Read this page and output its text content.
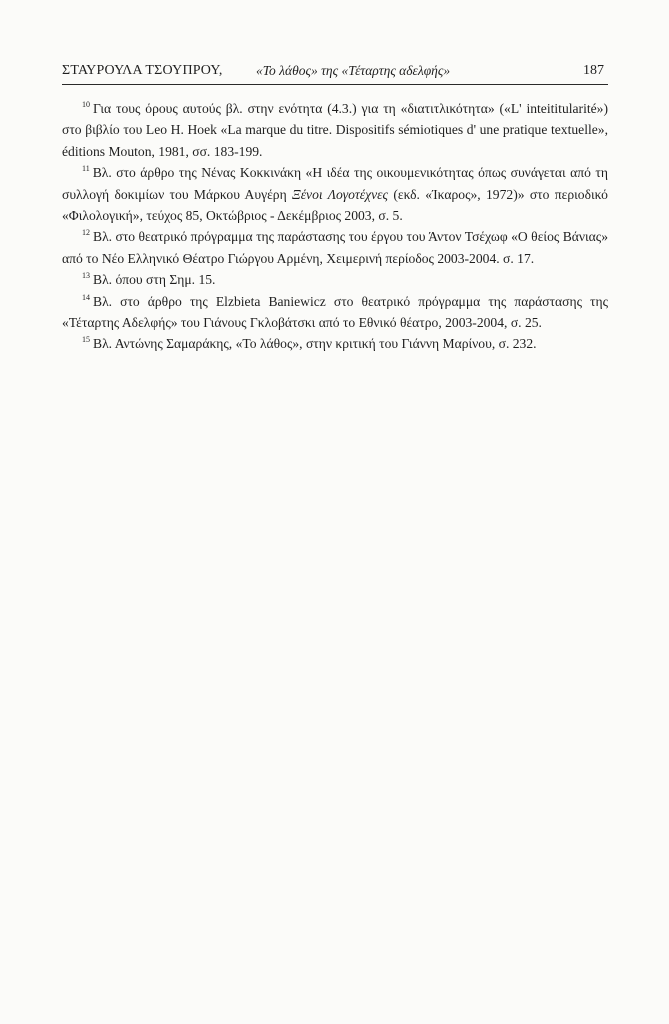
ΣΤΑΥΡΟΥΛΑ ΤΣΟΥΠΡΟΥ, «Το λάθος» της «Τέταρτης αδελφής»	187

$^{10}$ Για τους όρους αυτούς βλ. στην ενότητα (4.3.) για τη «διατιτλικότητα» («L' inteititularité») στο βιβλίο του Leo H. Hoek «La marque du titre. Dispositifs sémiotiques d' une pratique textuelle», éditions Mouton, 1981, σσ. 183-199.

$^{11}$ Βλ. στο άρθρο της Νένας Κοκκινάκη «Η ιδέα της οικουμενικότητας όπως συνάγεται από τη συλλογή δοκιμίων του Μάρκου Αυγέρη Ξένοι Λογοτέχνες (εκδ. «Ίκαρος», 1972)» στο περιοδικό «Φιλολογική», τεύχος 85, Οκτώβριος - Δεκέμβριος 2003, σ. 5.

$^{12}$ Βλ. στο θεατρικό πρόγραμμα της παράστασης του έργου του Άντον Τσέχωφ «Ο θείος Βάνιας» από το Νέο Ελληνικό Θέατρο Γιώργου Αρμένη, Χειμερινή περίοδος 2003-2004. σ. 17.

$^{13}$ Βλ. όπου στη Σημ. 15.

$^{14}$ Βλ. στο άρθρο της Elzbieta Baniewicz στο θεατρικό πρόγραμμα της παράστασης της «Τέταρτης Αδελφής» του Γιάνους Γκλοβάτσκι από το Εθνικό θέατρο, 2003-2004, σ. 25.

$^{15}$ Βλ. Αντώνης Σαμαράκης, «Το λάθος», στην κριτική του Γιάννη Μαρίνου, σ. 232.
